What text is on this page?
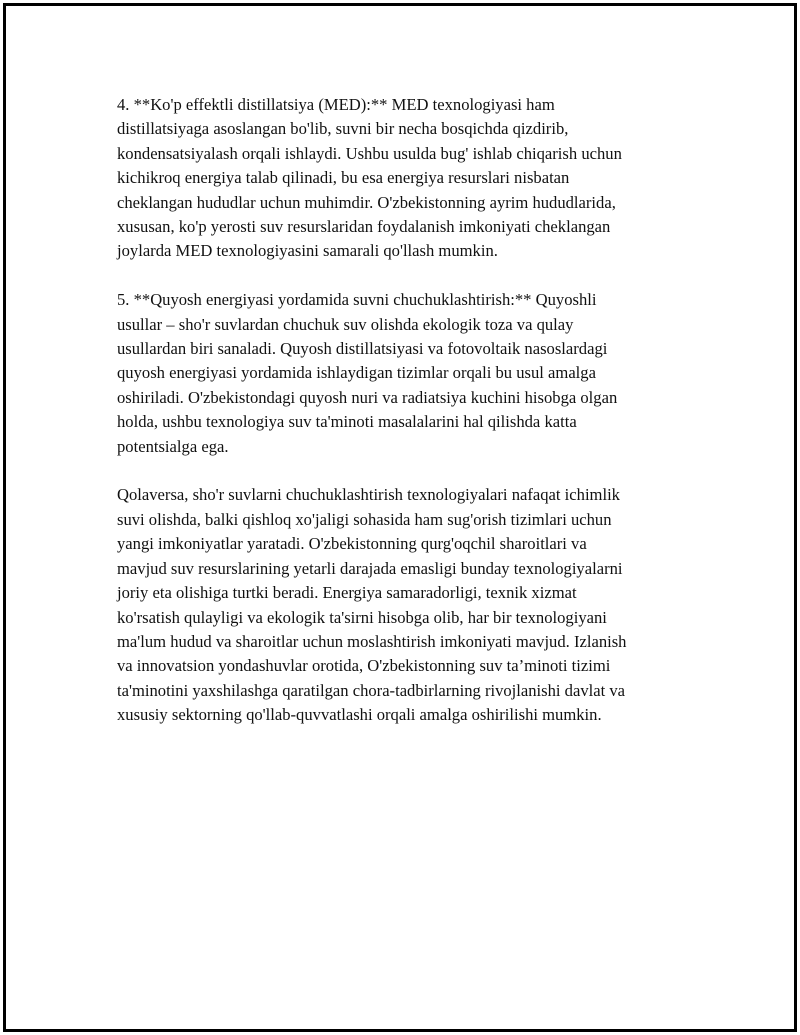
4. **Ko'p effektli distillatsiya (MED):** MED texnologiyasi ham
distillatsiyaga asoslangan bo'lib, suvni bir necha bosqichda qizdirib,
kondensatsiyalash orqali ishlaydi. Ushbu usulda bug' ishlab chiqarish uchun
kichikroq energiya talab qilinadi, bu esa energiya resurslari nisbatan
cheklangan hududlar uchun muhimdir. O'zbekistonning ayrim hududlarida,
xususan, ko'p yerosti suv resurslaridan foydalanish imkoniyati cheklangan
joylarda MED texnologiyasini samarali qo'llash mumkin.

5. **Quyosh energiyasi yordamida suvni chuchuklashtirish:** Quyoshli
usullar – sho'r suvlardan chuchuk suv olishda ekologik toza va qulay
usullardan biri sanaladi. Quyosh distillatsiyasi va fotovoltaik nasoslardagi
quyosh energiyasi yordamida ishlaydigan tizimlar orqali bu usul amalga
oshiriladi. O'zbekistondagi quyosh nuri va radiatsiya kuchini hisobga olgan
holda, ushbu texnologiya suv ta'minoti masalalarini hal qilishda katta
potentsialga ega.

Qolaversa, sho'r suvlarni chuchuklashtirish texnologiyalari nafaqat ichimlik
suvi olishda, balki qishloq xo'jaligi sohasida ham sug'orish tizimlari uchun
yangi imkoniyatlar yaratadi. O'zbekistonning qurg'oqchil sharoitlari va
mavjud suv resurslarining yetarli darajada emasligi bunday texnologiyalarni
joriy eta olishiga turtki beradi. Energiya samaradorligi, texnik xizmat
ko'rsatish qulayligi va ekologik ta'sirni hisobga olib, har bir texnologiyani
ma'lum hudud va sharoitlar uchun moslashtirish imkoniyati mavjud. Izlanish
va innovatsion yondashuvlar orotida, O'zbekistonning suv ta’minoti tizimi
ta'minotini yaxshilashga qaratilgan chora-tadbirlarning rivojlanishi davlat va
xususiy sektorning qo'llab-quvvatlashi orqali amalga oshirilishi mumkin.
